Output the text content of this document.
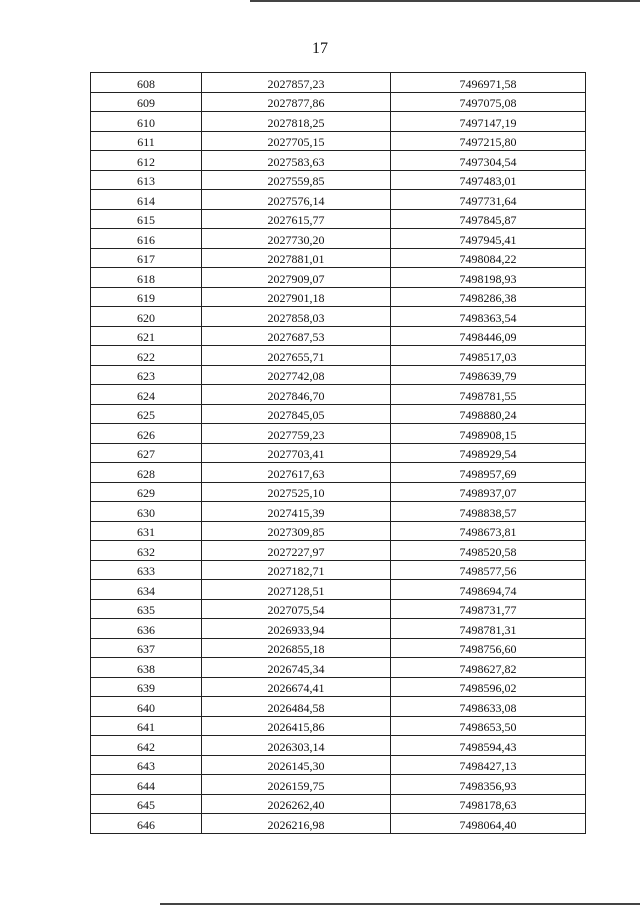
17
608	2027857,23	7496971,58
609	2027877,86	7497075,08
610	2027818,25	7497147,19
611	2027705,15	7497215,80
612	2027583,63	7497304,54
613	2027559,85	7497483,01
614	2027576,14	7497731,64
615	2027615,77	7497845,87
616	2027730,20	7497945,41
617	2027881,01	7498084,22
618	2027909,07	7498198,93
619	2027901,18	7498286,38
620	2027858,03	7498363,54
621	2027687,53	7498446,09
622	2027655,71	7498517,03
623	2027742,08	7498639,79
624	2027846,70	7498781,55
625	2027845,05	7498880,24
626	2027759,23	7498908,15
627	2027703,41	7498929,54
628	2027617,63	7498957,69
629	2027525,10	7498937,07
630	2027415,39	7498838,57
631	2027309,85	7498673,81
632	2027227,97	7498520,58
633	2027182,71	7498577,56
634	2027128,51	7498694,74
635	2027075,54	7498731,77
636	2026933,94	7498781,31
637	2026855,18	7498756,60
638	2026745,34	7498627,82
639	2026674,41	7498596,02
640	2026484,58	7498633,08
641	2026415,86	7498653,50
642	2026303,14	7498594,43
643	2026145,30	7498427,13
644	2026159,75	7498356,93
645	2026262,40	7498178,63
646	2026216,98	7498064,40
